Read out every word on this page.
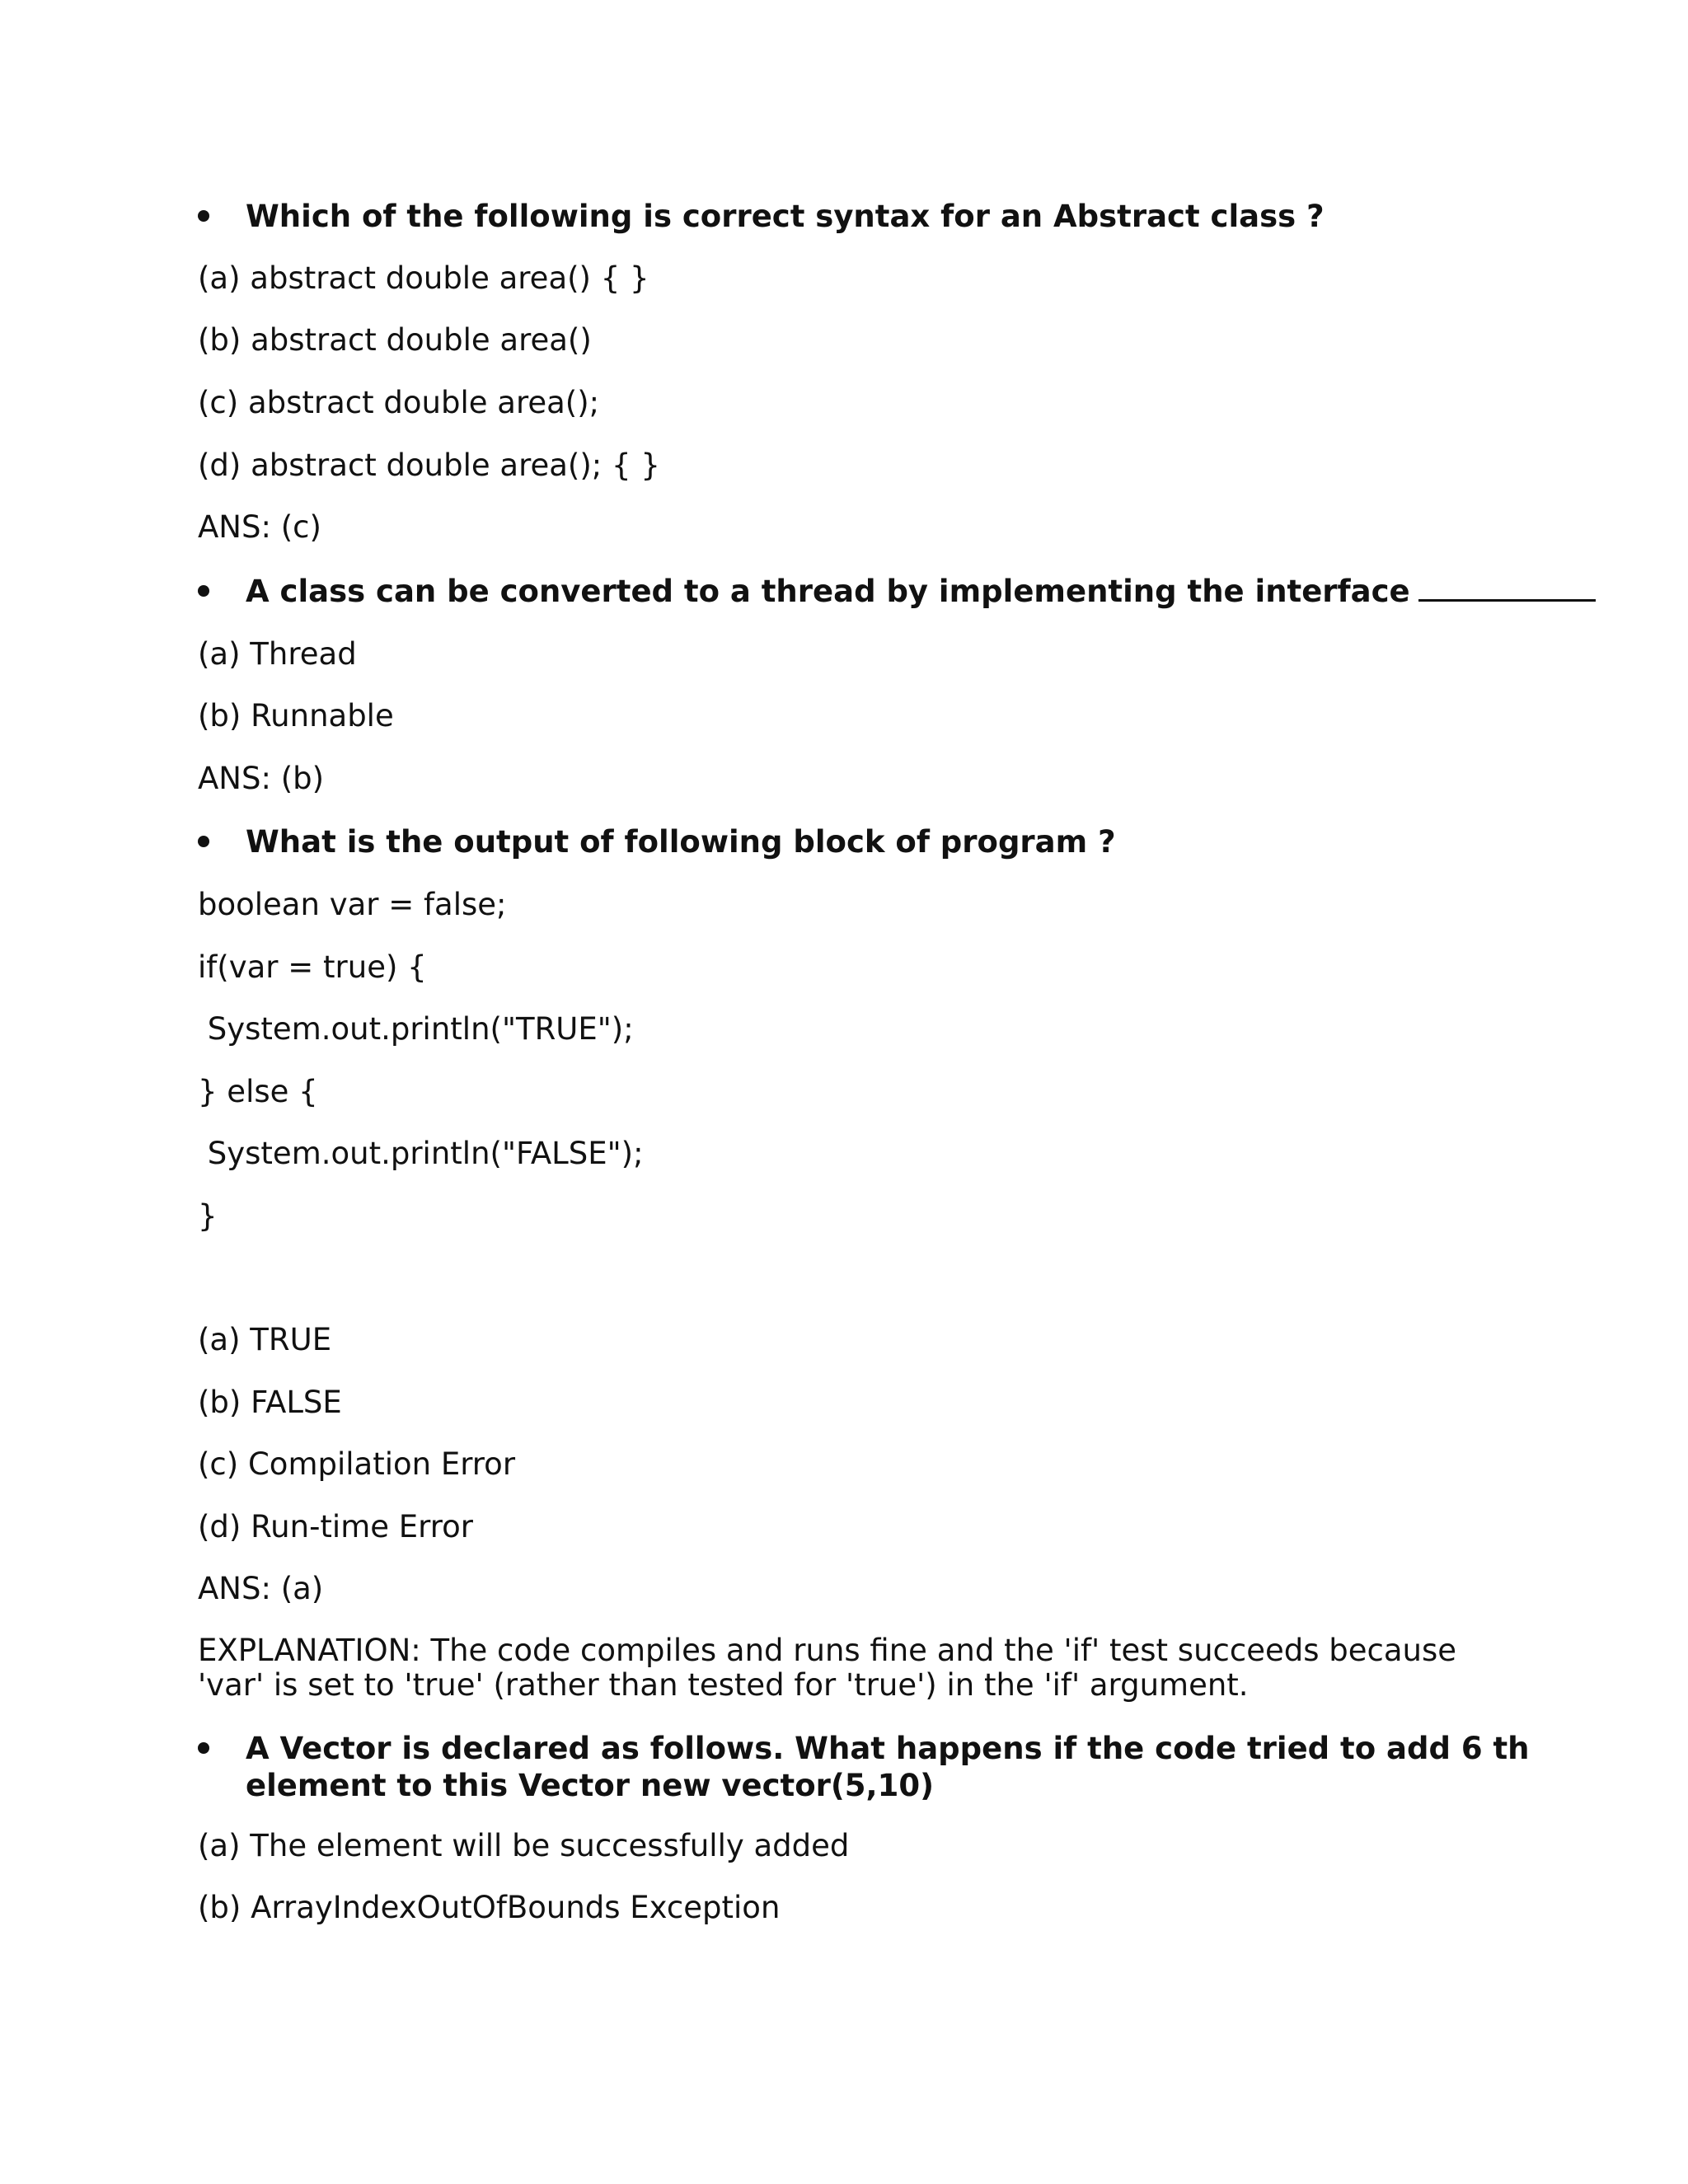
Which of the following is correct syntax for an Abstract class ?
(a) abstract double area() { }
(b) abstract double area()
(c) abstract double area();
(d) abstract double area(); { }
ANS: (c)
A class can be converted to a thread by implementing the interface
(a) Thread
(b) Runnable
ANS: (b)
What is the output of following block of program ?
boolean var = false;
if(var = true) {
System.out.println("TRUE");
} else {
System.out.println("FALSE");
}
(a) TRUE
(b) FALSE
(c) Compilation Error
(d) Run-time Error
ANS: (a)
EXPLANATION: The code compiles and runs fine and the 'if' test succeeds because 'var' is set to 'true' (rather than tested for 'true') in the 'if' argument.
A Vector is declared as follows. What happens if the code tried to add 6 th element to this Vector new vector(5,10)
(a) The element will be successfully added
(b) ArrayIndexOutOfBounds Exception
